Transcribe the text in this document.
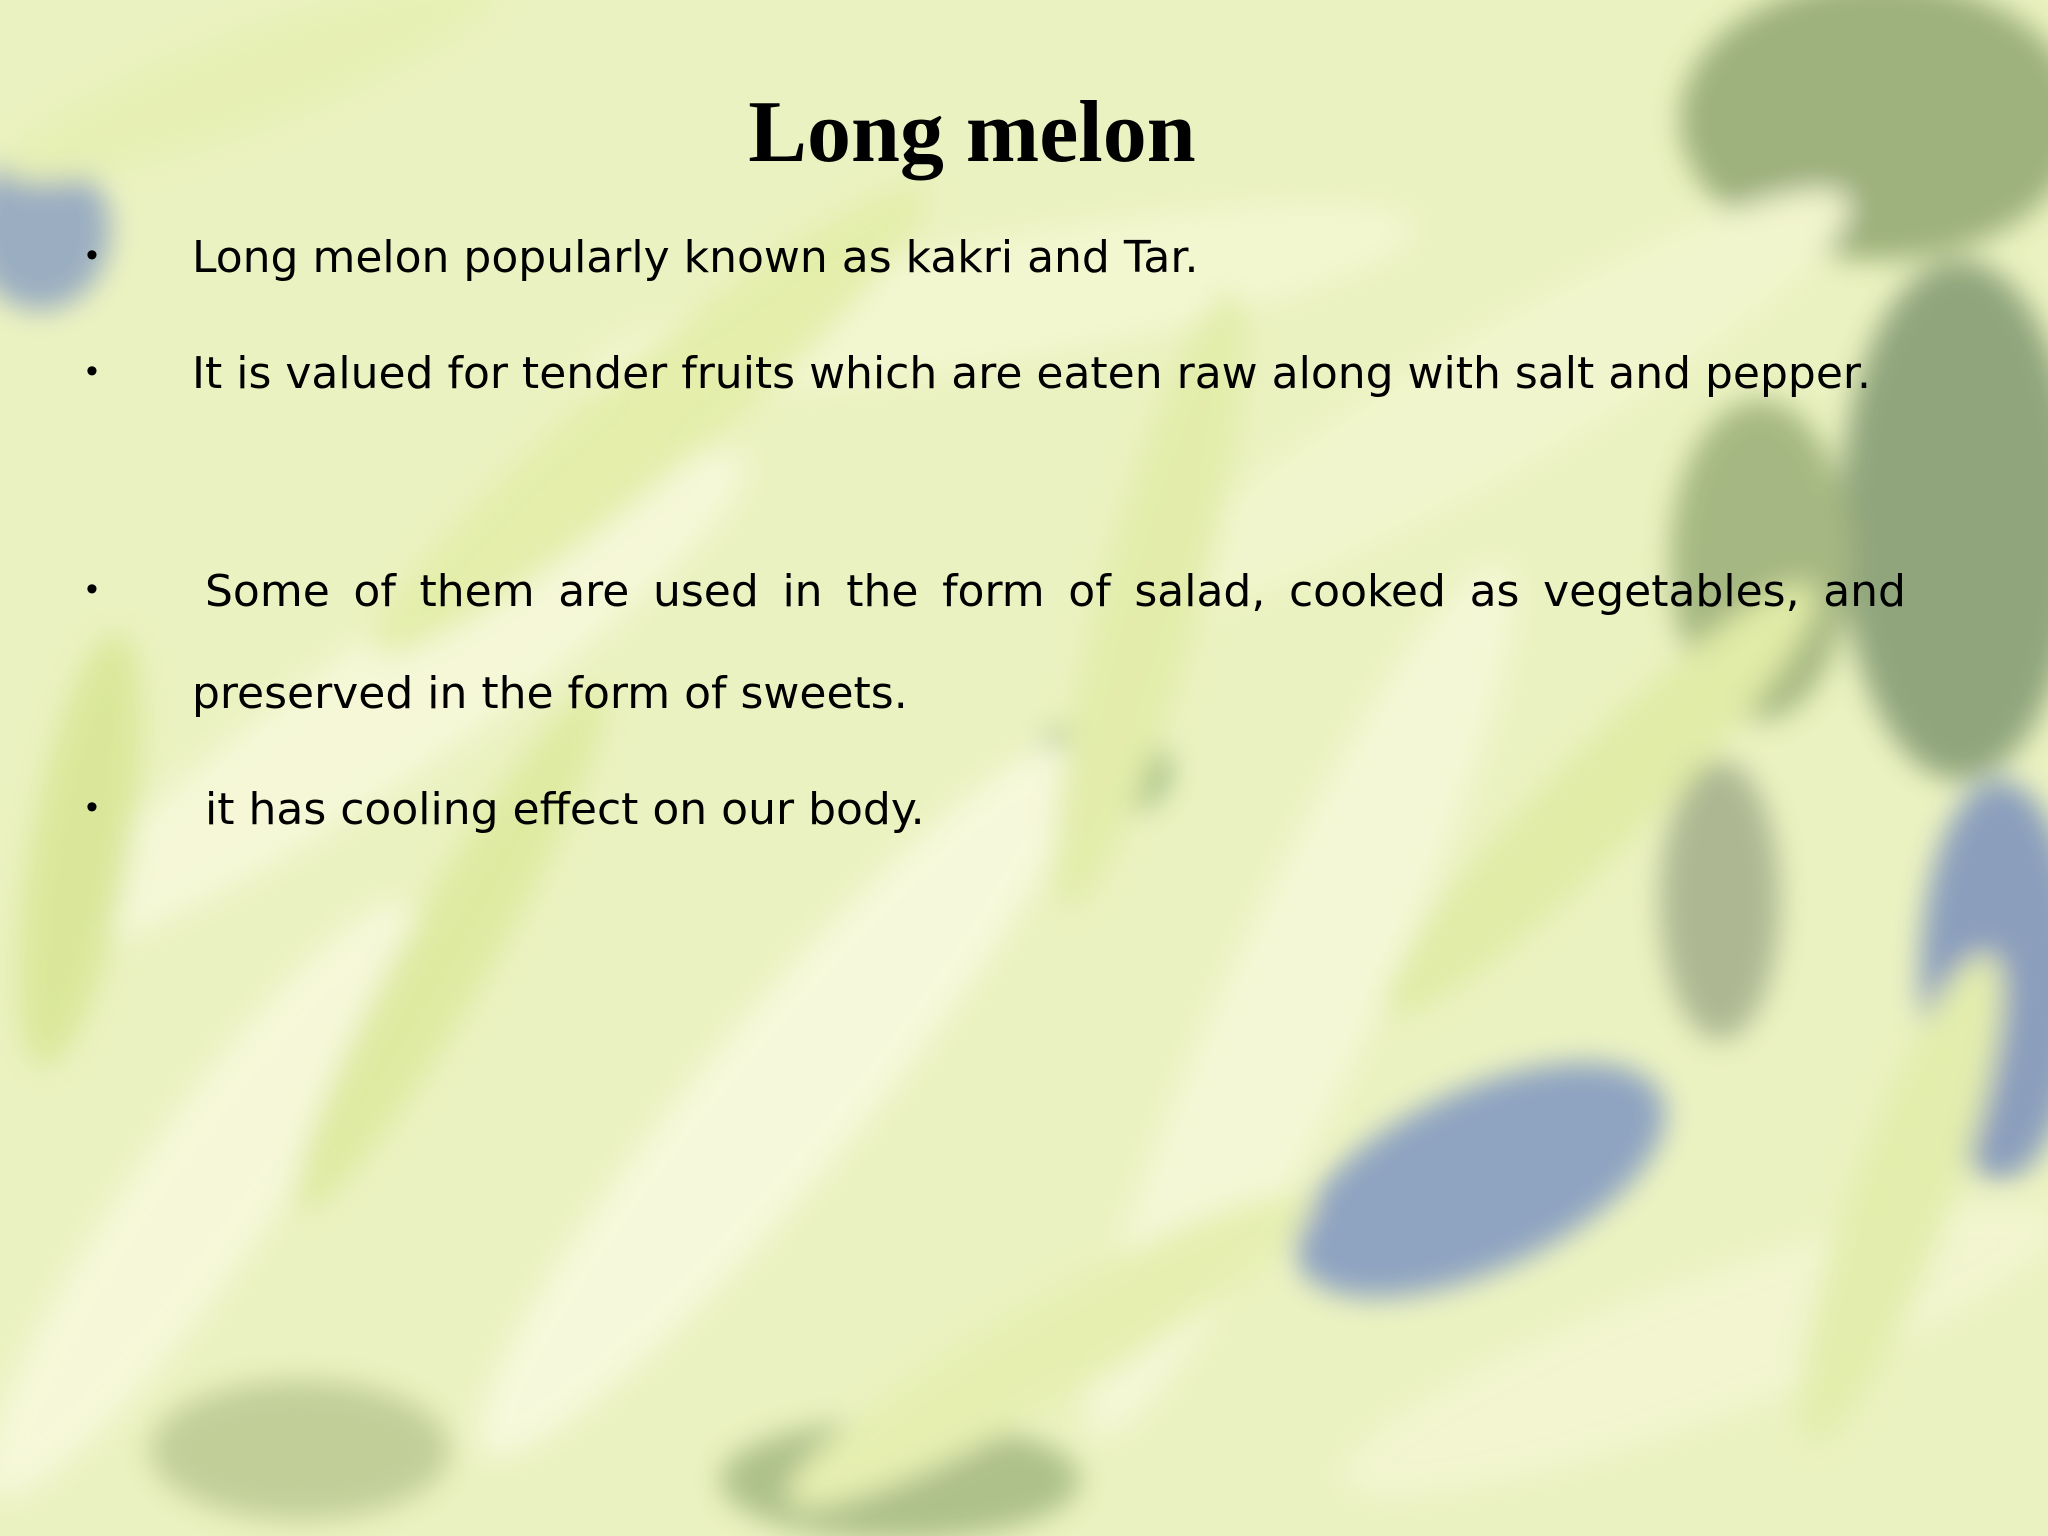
Long melon
• Long melon popularly known as kakri and Tar.
• It is valued for tender fruits which are eaten raw along with salt and pepper.
• Some of them are used in the form of salad, cooked as vegetables, and preserved in the form of sweets.
• it has cooling effect on our body.
